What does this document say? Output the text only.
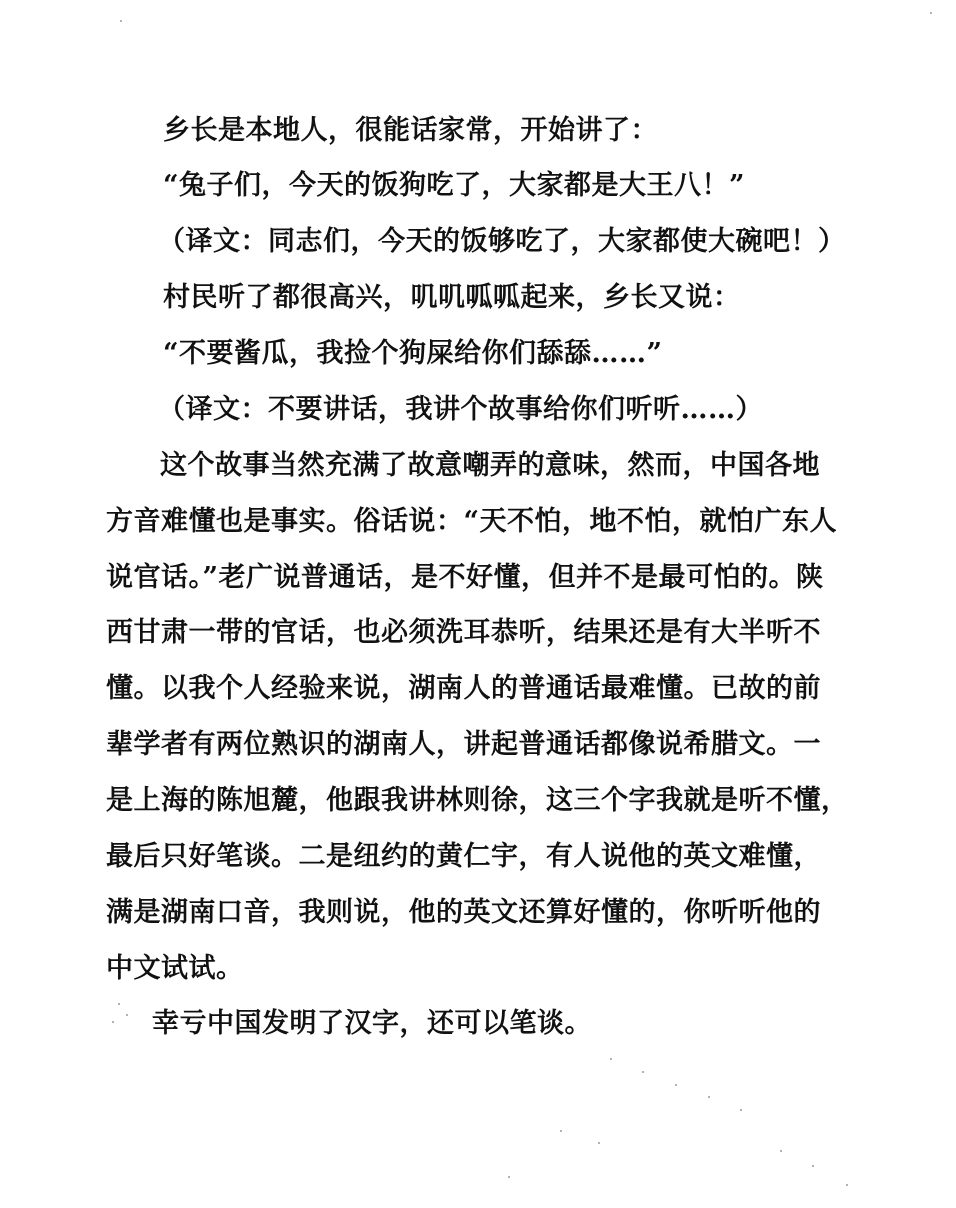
乡长是本地人，很能话家常，开始讲了：
“兔子们，今天的饭狗吃了，大家都是大王八！”
（译文：同志们，今天的饭够吃了，大家都使大碗吧！）
村民听了都很高兴，叽叽呱呱起来，乡长又说：
“不要酱瓜，我捡个狗屎给你们舔舔……”
（译文：不要讲话，我讲个故事给你们听听……）
这个故事当然充满了故意嘲弄的意味，然而，中国各地
方音难懂也是事实。俗话说：“天不怕，地不怕，就怕广东人
说官话。”老广说普通话，是不好懂，但并不是最可怕的。陕
西甘肃一带的官话，也必须洗耳恭听，结果还是有大半听不
懂。以我个人经验来说，湖南人的普通话最难懂。已故的前
辈学者有两位熟识的湖南人，讲起普通话都像说希腊文。一
是上海的陈旭麓，他跟我讲林则徐，这三个字我就是听不懂，
最后只好笔谈。二是纽约的黄仁宇，有人说他的英文难懂，
满是湖南口音，我则说，他的英文还算好懂的，你听听他的
中文试试。
幸亏中国发明了汉字，还可以笔谈。
